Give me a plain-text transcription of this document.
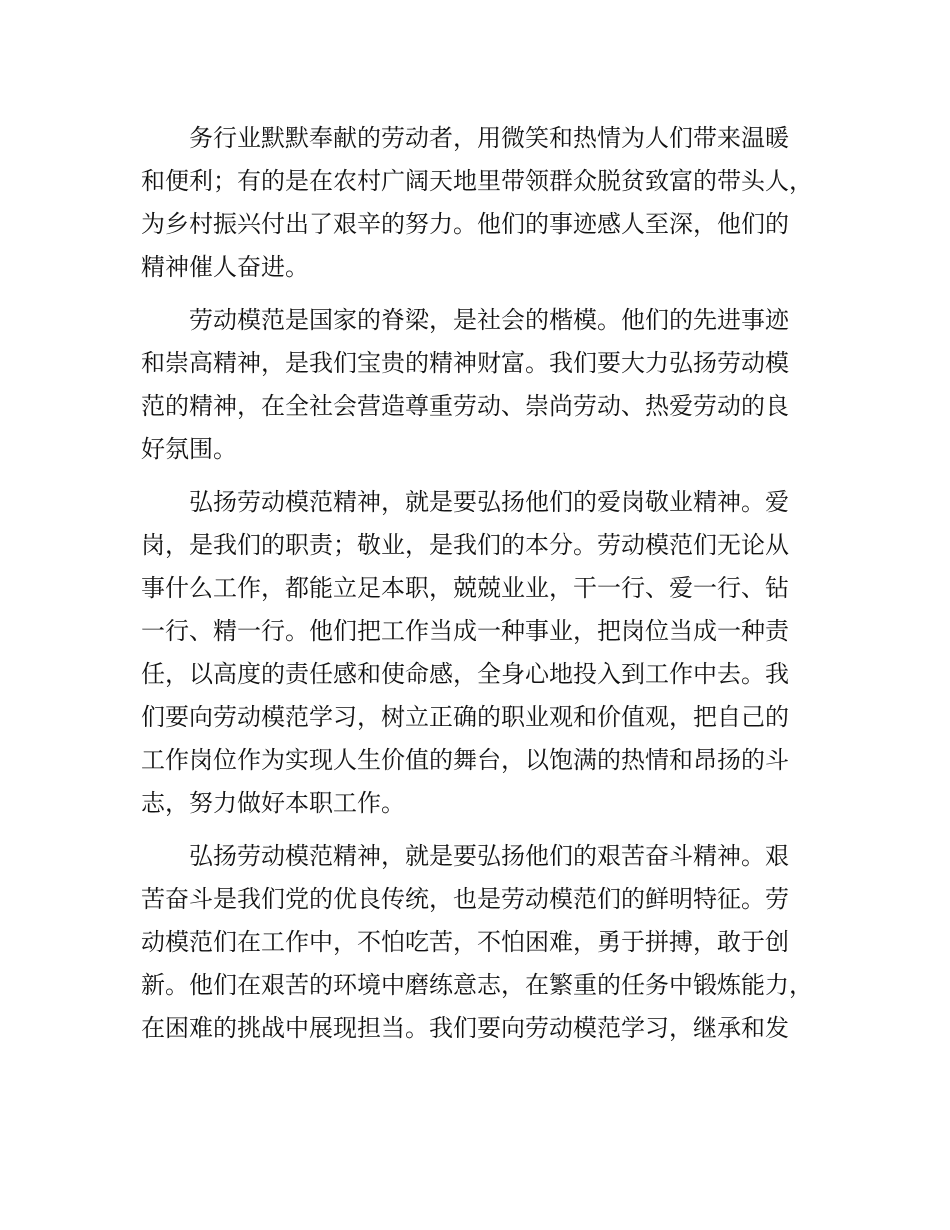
务行业默默奉献的劳动者，用微笑和热情为人们带来温暖
和便利；有的是在农村广阔天地里带领群众脱贫致富的带头人，
为乡村振兴付出了艰辛的努力。他们的事迹感人至深，他们的
精神催人奋进。
劳动模范是国家的脊梁，是社会的楷模。他们的先进事迹
和崇高精神，是我们宝贵的精神财富。我们要大力弘扬劳动模
范的精神，在全社会营造尊重劳动、崇尚劳动、热爱劳动的良
好氛围。
弘扬劳动模范精神，就是要弘扬他们的爱岗敬业精神。爱
岗，是我们的职责；敬业，是我们的本分。劳动模范们无论从
事什么工作，都能立足本职，兢兢业业，干一行、爱一行、钻
一行、精一行。他们把工作当成一种事业，把岗位当成一种责
任，以高度的责任感和使命感，全身心地投入到工作中去。我
们要向劳动模范学习，树立正确的职业观和价值观，把自己的
工作岗位作为实现人生价值的舞台，以饱满的热情和昂扬的斗
志，努力做好本职工作。
弘扬劳动模范精神，就是要弘扬他们的艰苦奋斗精神。艰
苦奋斗是我们党的优良传统，也是劳动模范们的鲜明特征。劳
动模范们在工作中，不怕吃苦，不怕困难，勇于拼搏，敢于创
新。他们在艰苦的环境中磨练意志，在繁重的任务中锻炼能力，
在困难的挑战中展现担当。我们要向劳动模范学习，继承和发
